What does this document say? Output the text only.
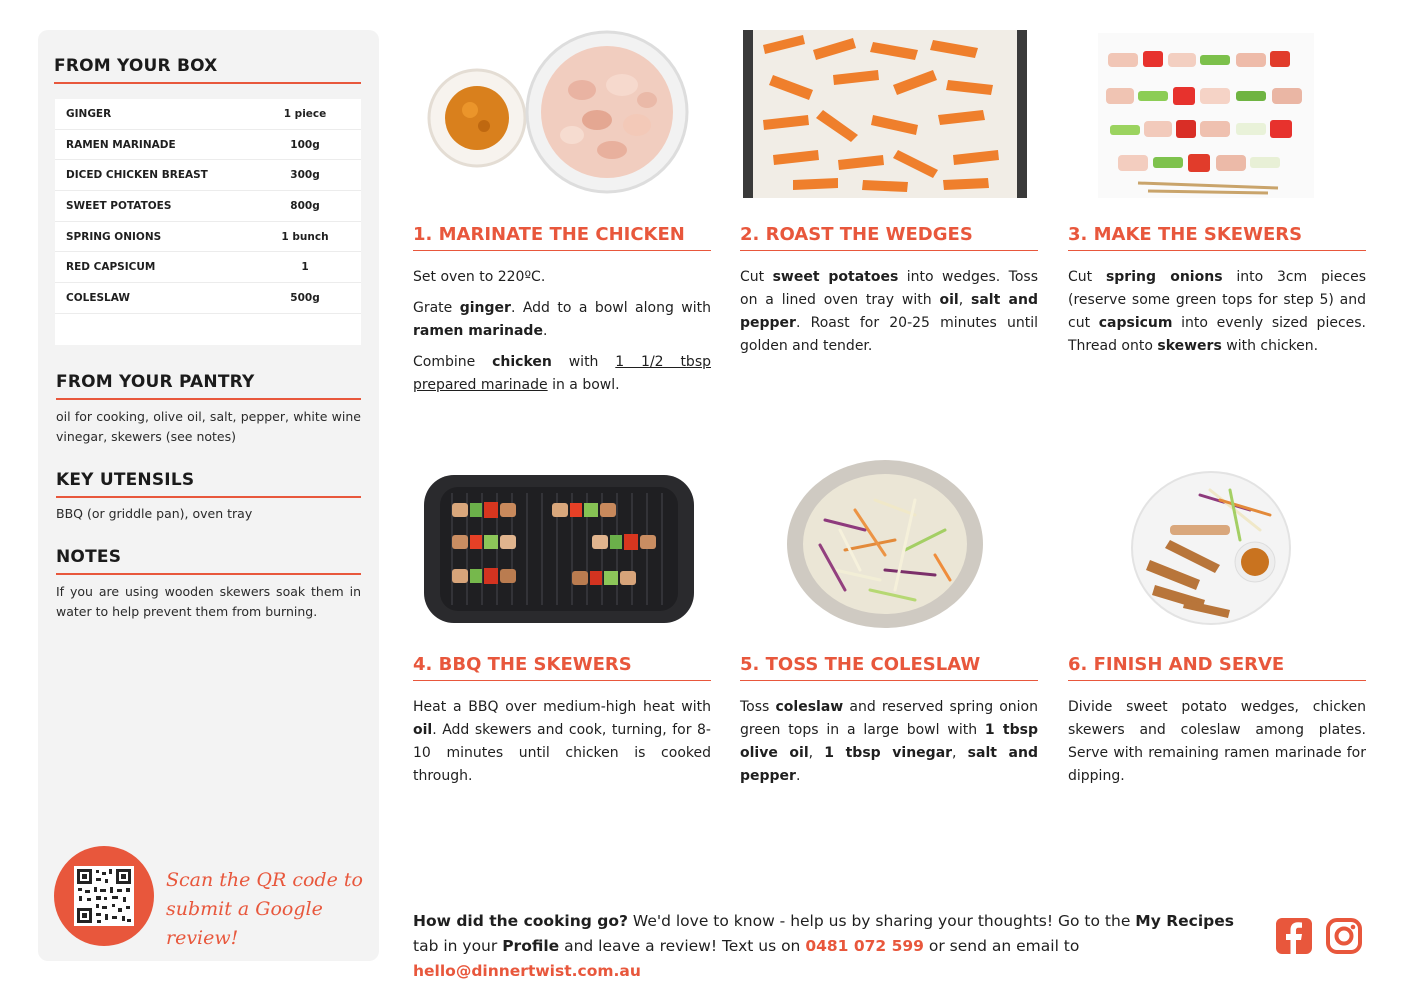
FROM YOUR BOX
GINGER	1 piece
RAMEN MARINADE	100g
DICED CHICKEN BREAST	300g
SWEET POTATOES	800g
SPRING ONIONS	1 bunch
RED CAPSICUM	1
COLESLAW	500g
FROM YOUR PANTRY
oil for cooking, olive oil, salt, pepper, white wine vinegar, skewers (see notes)
KEY UTENSILS
BBQ (or griddle pan), oven tray
NOTES
If you are using wooden skewers soak them in water to help prevent them from burning.
Scan the QR code to
submit a Google review!
1. MARINATE THE CHICKEN

Set oven to 220ºC.

Grate ginger. Add to a bowl along with ramen marinade.

Combine chicken with 1 1/2 tbsp prepared marinade in a bowl.

2. ROAST THE WEDGES

Cut sweet potatoes into wedges. Toss on a lined oven tray with oil, salt and pepper. Roast for 20-25 minutes until golden and tender.

3. MAKE THE SKEWERS

Cut spring onions into 3cm pieces (reserve some green tops for step 5) and cut capsicum into evenly sized pieces. Thread onto skewers with chicken.

4. BBQ THE SKEWERS

Heat a BBQ over medium-high heat with oil. Add skewers and cook, turning, for 8-10 minutes until chicken is cooked through.

5. TOSS THE COLESLAW

Toss coleslaw and reserved spring onion green tops in a large bowl with 1 tbsp olive oil, 1 tbsp vinegar, salt and pepper.

6. FINISH AND SERVE

Divide sweet potato wedges, chicken skewers and coleslaw among plates. Serve with remaining ramen marinade for dipping.

How did the cooking go? We'd love to know - help us by sharing your thoughts! Go to the My Recipes tab in your Profile and leave a review! Text us on 0481 072 599 or send an email to hello@dinnertwist.com.au
